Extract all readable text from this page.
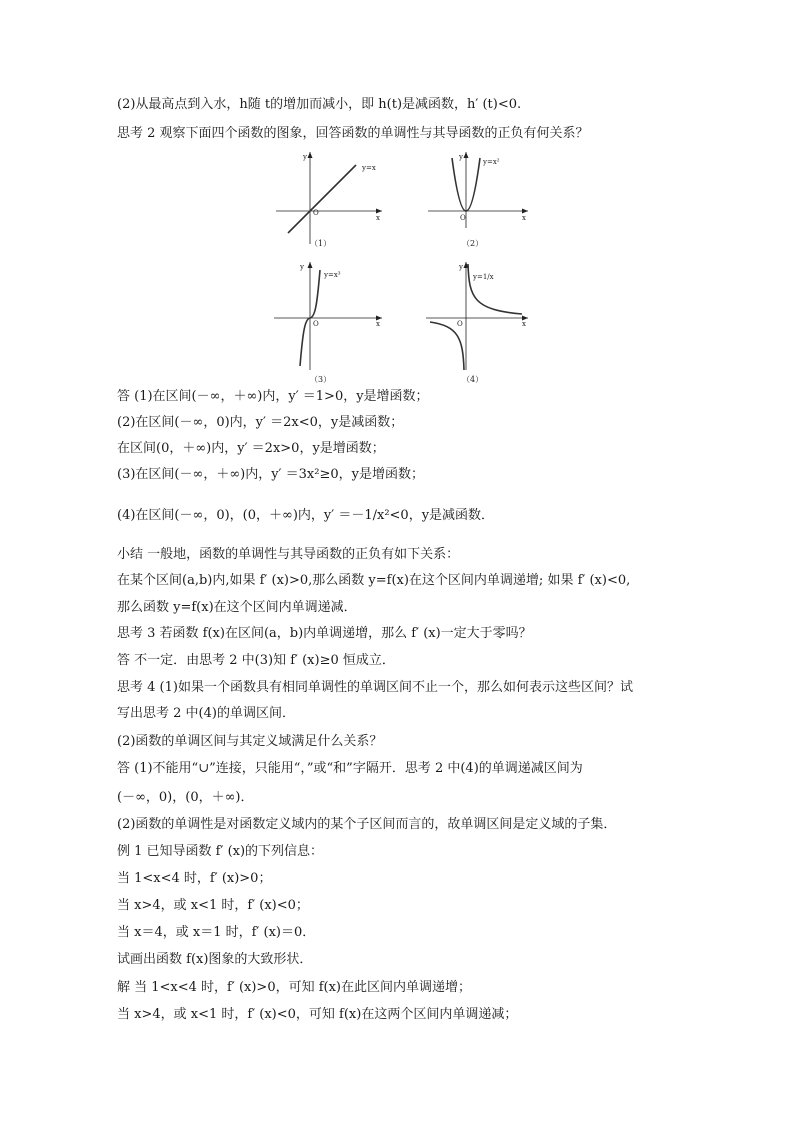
(2)从最高点到入水，h随 t的增加而减小，即 h(t)是减函数，h′ (t)<0.
思考 2 观察下面四个函数的图象，回答函数的单调性与其导函数的正负有何关系？
O
y
x
y=x
（1）
O
y
x
y=x²
（2）
O
y
x
y=x³
（3）
O
y
x
y=1/x
（4）
答 (1)在区间(－∞，＋∞)内，y′ ＝1>0，y是增函数；
(2)在区间(－∞，0)内，y′ ＝2x<0，y是减函数；
在区间(0，＋∞)内，y′ ＝2x>0，y是增函数；
(3)在区间(－∞，＋∞)内，y′ ＝3x²≥0，y是增函数；
(4)在区间(－∞，0)，(0，＋∞)内，y′ ＝－1/x²<0，y是减函数．
小结 一般地，函数的单调性与其导函数的正负有如下关系：
在某个区间(a,b)内,如果 f′ (x)>0,那么函数 y=f(x)在这个区间内单调递增; 如果 f′ (x)<0,
那么函数 y=f(x)在这个区间内单调递减．
思考 3 若函数 f(x)在区间(a，b)内单调递增，那么 f′ (x)一定大于零吗？
答 不一定．由思考 2 中(3)知 f′ (x)≥0 恒成立．
思考 4 (1)如果一个函数具有相同单调性的单调区间不止一个，那么如何表示这些区间？试
写出思考 2 中(4)的单调区间．
(2)函数的单调区间与其定义域满足什么关系？
答 (1)不能用“∪”连接，只能用“，”或“和”字隔开．思考 2 中(4)的单调递减区间为
(－∞，0)，(0，＋∞)．
(2)函数的单调性是对函数定义域内的某个子区间而言的，故单调区间是定义域的子集．
例 1 已知导函数 f′ (x)的下列信息：
当 1<x<4 时，f′ (x)>0；
当 x>4，或 x<1 时，f′ (x)<0；
当 x＝4，或 x＝1 时，f′ (x)＝0．
试画出函数 f(x)图象的大致形状．
解 当 1<x<4 时，f′ (x)>0，可知 f(x)在此区间内单调递增；
当 x>4，或 x<1 时，f′ (x)<0，可知 f(x)在这两个区间内单调递减；
